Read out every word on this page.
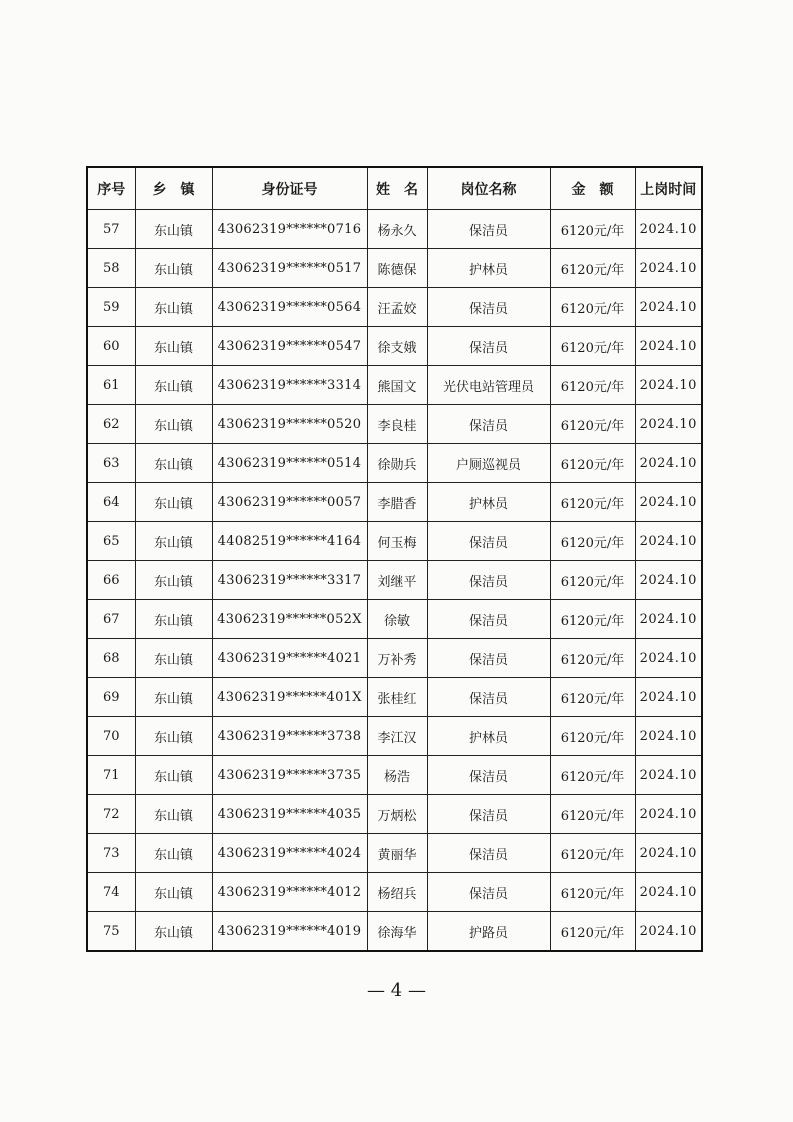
序号	乡　镇	身份证号	姓　名	岗位名称	金　额	上岗时间
57	东山镇	43062319******0716	杨永久	保洁员	6120元/年	2024.10
58	东山镇	43062319******0517	陈德保	护林员	6120元/年	2024.10
59	东山镇	43062319******0564	汪孟姣	保洁员	6120元/年	2024.10
60	东山镇	43062319******0547	徐支娥	保洁员	6120元/年	2024.10
61	东山镇	43062319******3314	熊国文	光伏电站管理员	6120元/年	2024.10
62	东山镇	43062319******0520	李良桂	保洁员	6120元/年	2024.10
63	东山镇	43062319******0514	徐勋兵	户厕巡视员	6120元/年	2024.10
64	东山镇	43062319******0057	李腊香	护林员	6120元/年	2024.10
65	东山镇	44082519******4164	何玉梅	保洁员	6120元/年	2024.10
66	东山镇	43062319******3317	刘继平	保洁员	6120元/年	2024.10
67	东山镇	43062319******052X	徐敏	保洁员	6120元/年	2024.10
68	东山镇	43062319******4021	万补秀	保洁员	6120元/年	2024.10
69	东山镇	43062319******401X	张桂红	保洁员	6120元/年	2024.10
70	东山镇	43062319******3738	李江汉	护林员	6120元/年	2024.10
71	东山镇	43062319******3735	杨浩	保洁员	6120元/年	2024.10
72	东山镇	43062319******4035	万炳松	保洁员	6120元/年	2024.10
73	东山镇	43062319******4024	黄丽华	保洁员	6120元/年	2024.10
74	东山镇	43062319******4012	杨绍兵	保洁员	6120元/年	2024.10
75	东山镇	43062319******4019	徐海华	护路员	6120元/年	2024.10
— 4 —
